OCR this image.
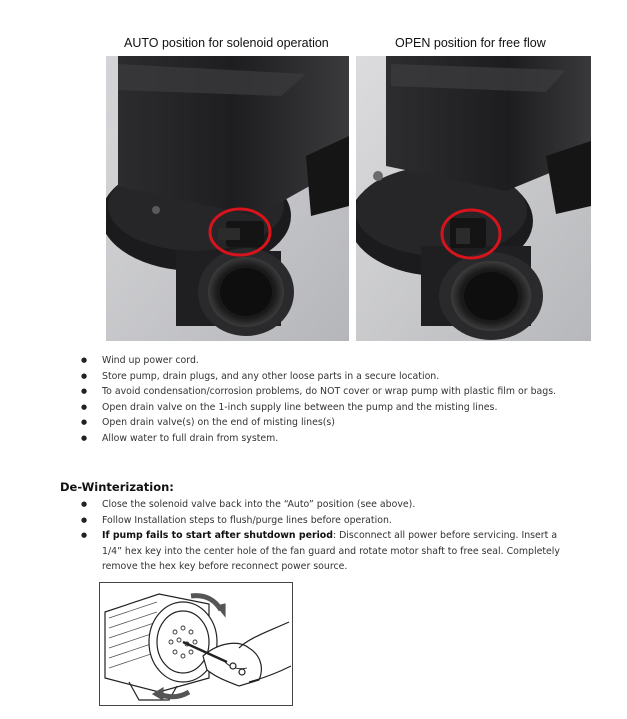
AUTO position for solenoid operation	OPEN position for free flow
● Wind up power cord.
● Store pump, drain plugs, and any other loose parts in a secure location.
● To avoid condensation/corrosion problems, do NOT cover or wrap pump with plastic film or bags.
● Open drain valve on the 1-inch supply line between the pump and the misting lines.
● Open drain valve(s) on the end of misting lines(s)
● Allow water to full drain from system.
De-Winterization:
● Close the solenoid valve back into the “Auto” position (see above).
● Follow Installation steps to flush/purge lines before operation.
● If pump fails to start after shutdown period: Disconnect all power before servicing. Insert a 1/4” hex key into the center hole of the fan guard and rotate motor shaft to free seal. Completely remove the hex key before reconnect power source.
